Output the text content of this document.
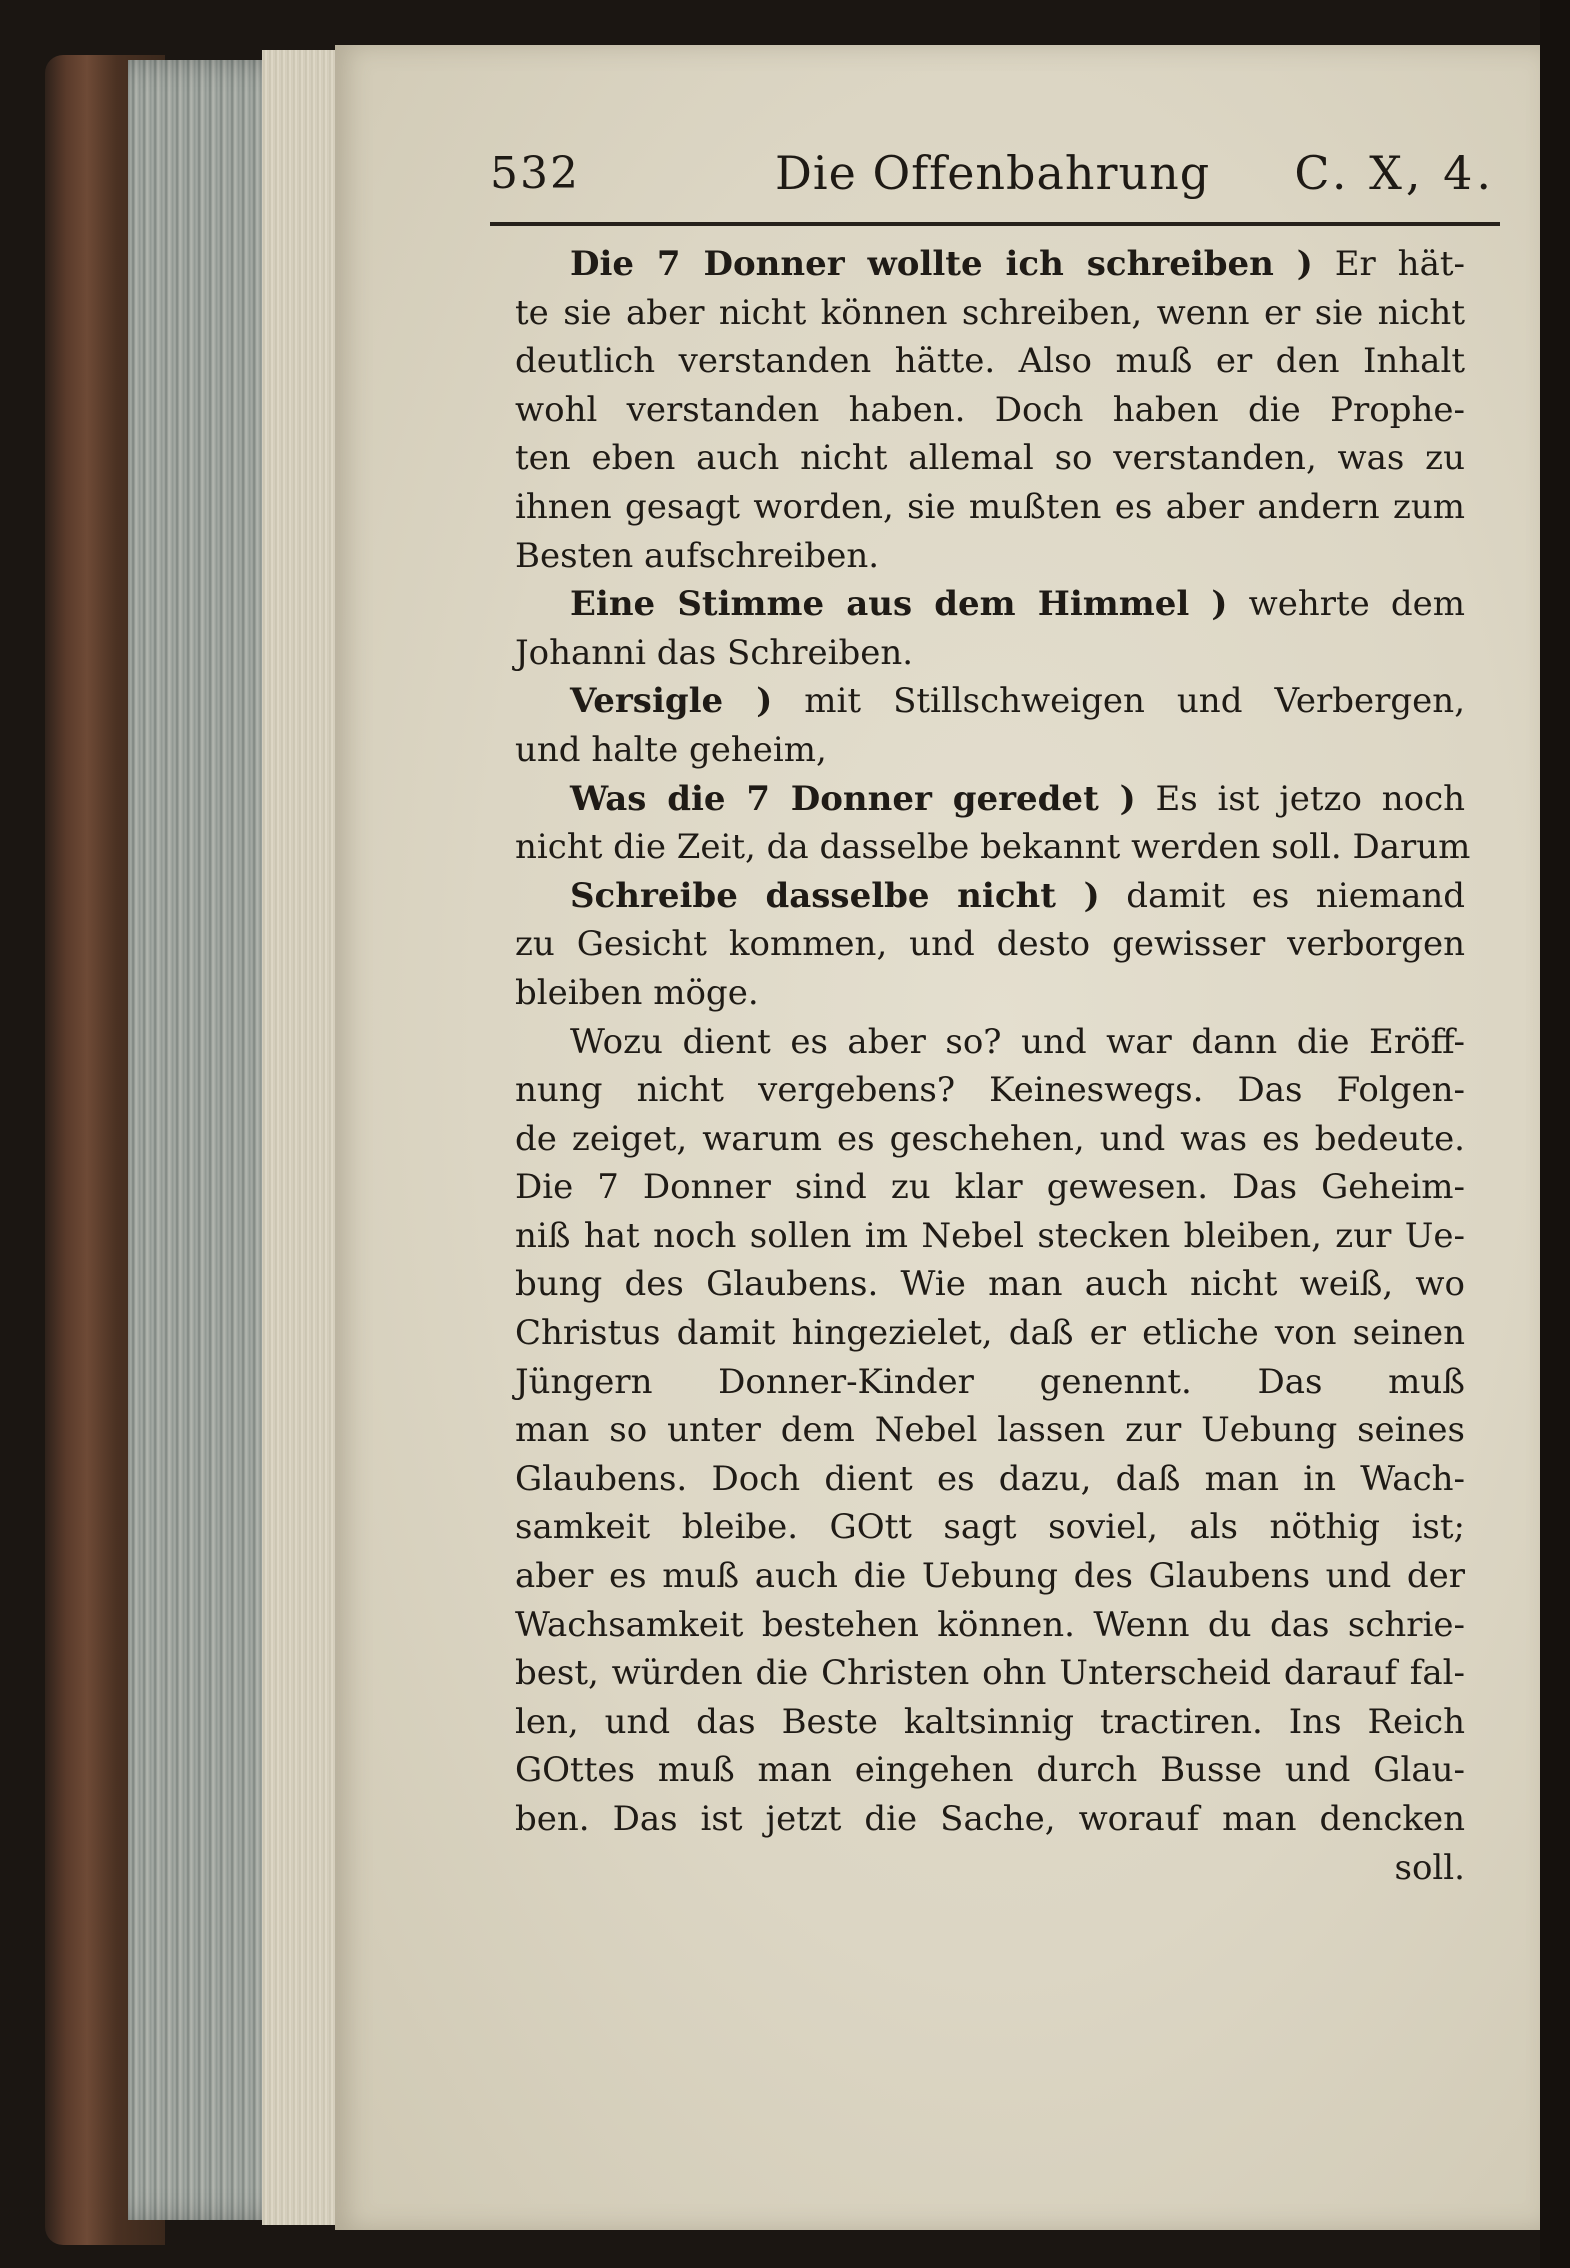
532	Die Offenbahrung C. X, 4.
Die 7 Donner wollte ich schreiben ) Er hät-
te sie aber nicht können schreiben, wenn er sie nicht
deutlich verstanden hätte. Also muß er den Inhalt
wohl verstanden haben. Doch haben die Prophe-
ten eben auch nicht allemal so verstanden, was zu
ihnen gesagt worden, sie mußten es aber andern zum
Besten aufschreiben.
Eine Stimme aus dem Himmel ) wehrte dem
Johanni das Schreiben.
Versigle ) mit Stillschweigen und Verbergen,
und halte geheim,
Was die 7 Donner geredet ) Es ist jetzo noch
nicht die Zeit, da dasselbe bekannt werden soll. Darum
Schreibe dasselbe nicht ) damit es niemand
zu Gesicht kommen, und desto gewisser verborgen
bleiben möge.
Wozu dient es aber so? und war dann die Eröff-
nung nicht vergebens? Keineswegs. Das Folgen-
de zeiget, warum es geschehen, und was es bedeute.
Die 7 Donner sind zu klar gewesen. Das Geheim-
niß hat noch sollen im Nebel stecken bleiben, zur Ue-
bung des Glaubens. Wie man auch nicht weiß, wo
Christus damit hingezielet, daß er etliche von seinen
Jüngern Donner-Kinder genennt. Das muß
man so unter dem Nebel lassen zur Uebung seines
Glaubens. Doch dient es dazu, daß man in Wach-
samkeit bleibe. GOtt sagt soviel, als nöthig ist;
aber es muß auch die Uebung des Glaubens und der
Wachsamkeit bestehen können. Wenn du das schrie-
best, würden die Christen ohn Unterscheid darauf fal-
len, und das Beste kaltsinnig tractiren. Ins Reich
GOttes muß man eingehen durch Busse und Glau-
ben. Das ist jetzt die Sache, worauf man dencken
soll.
